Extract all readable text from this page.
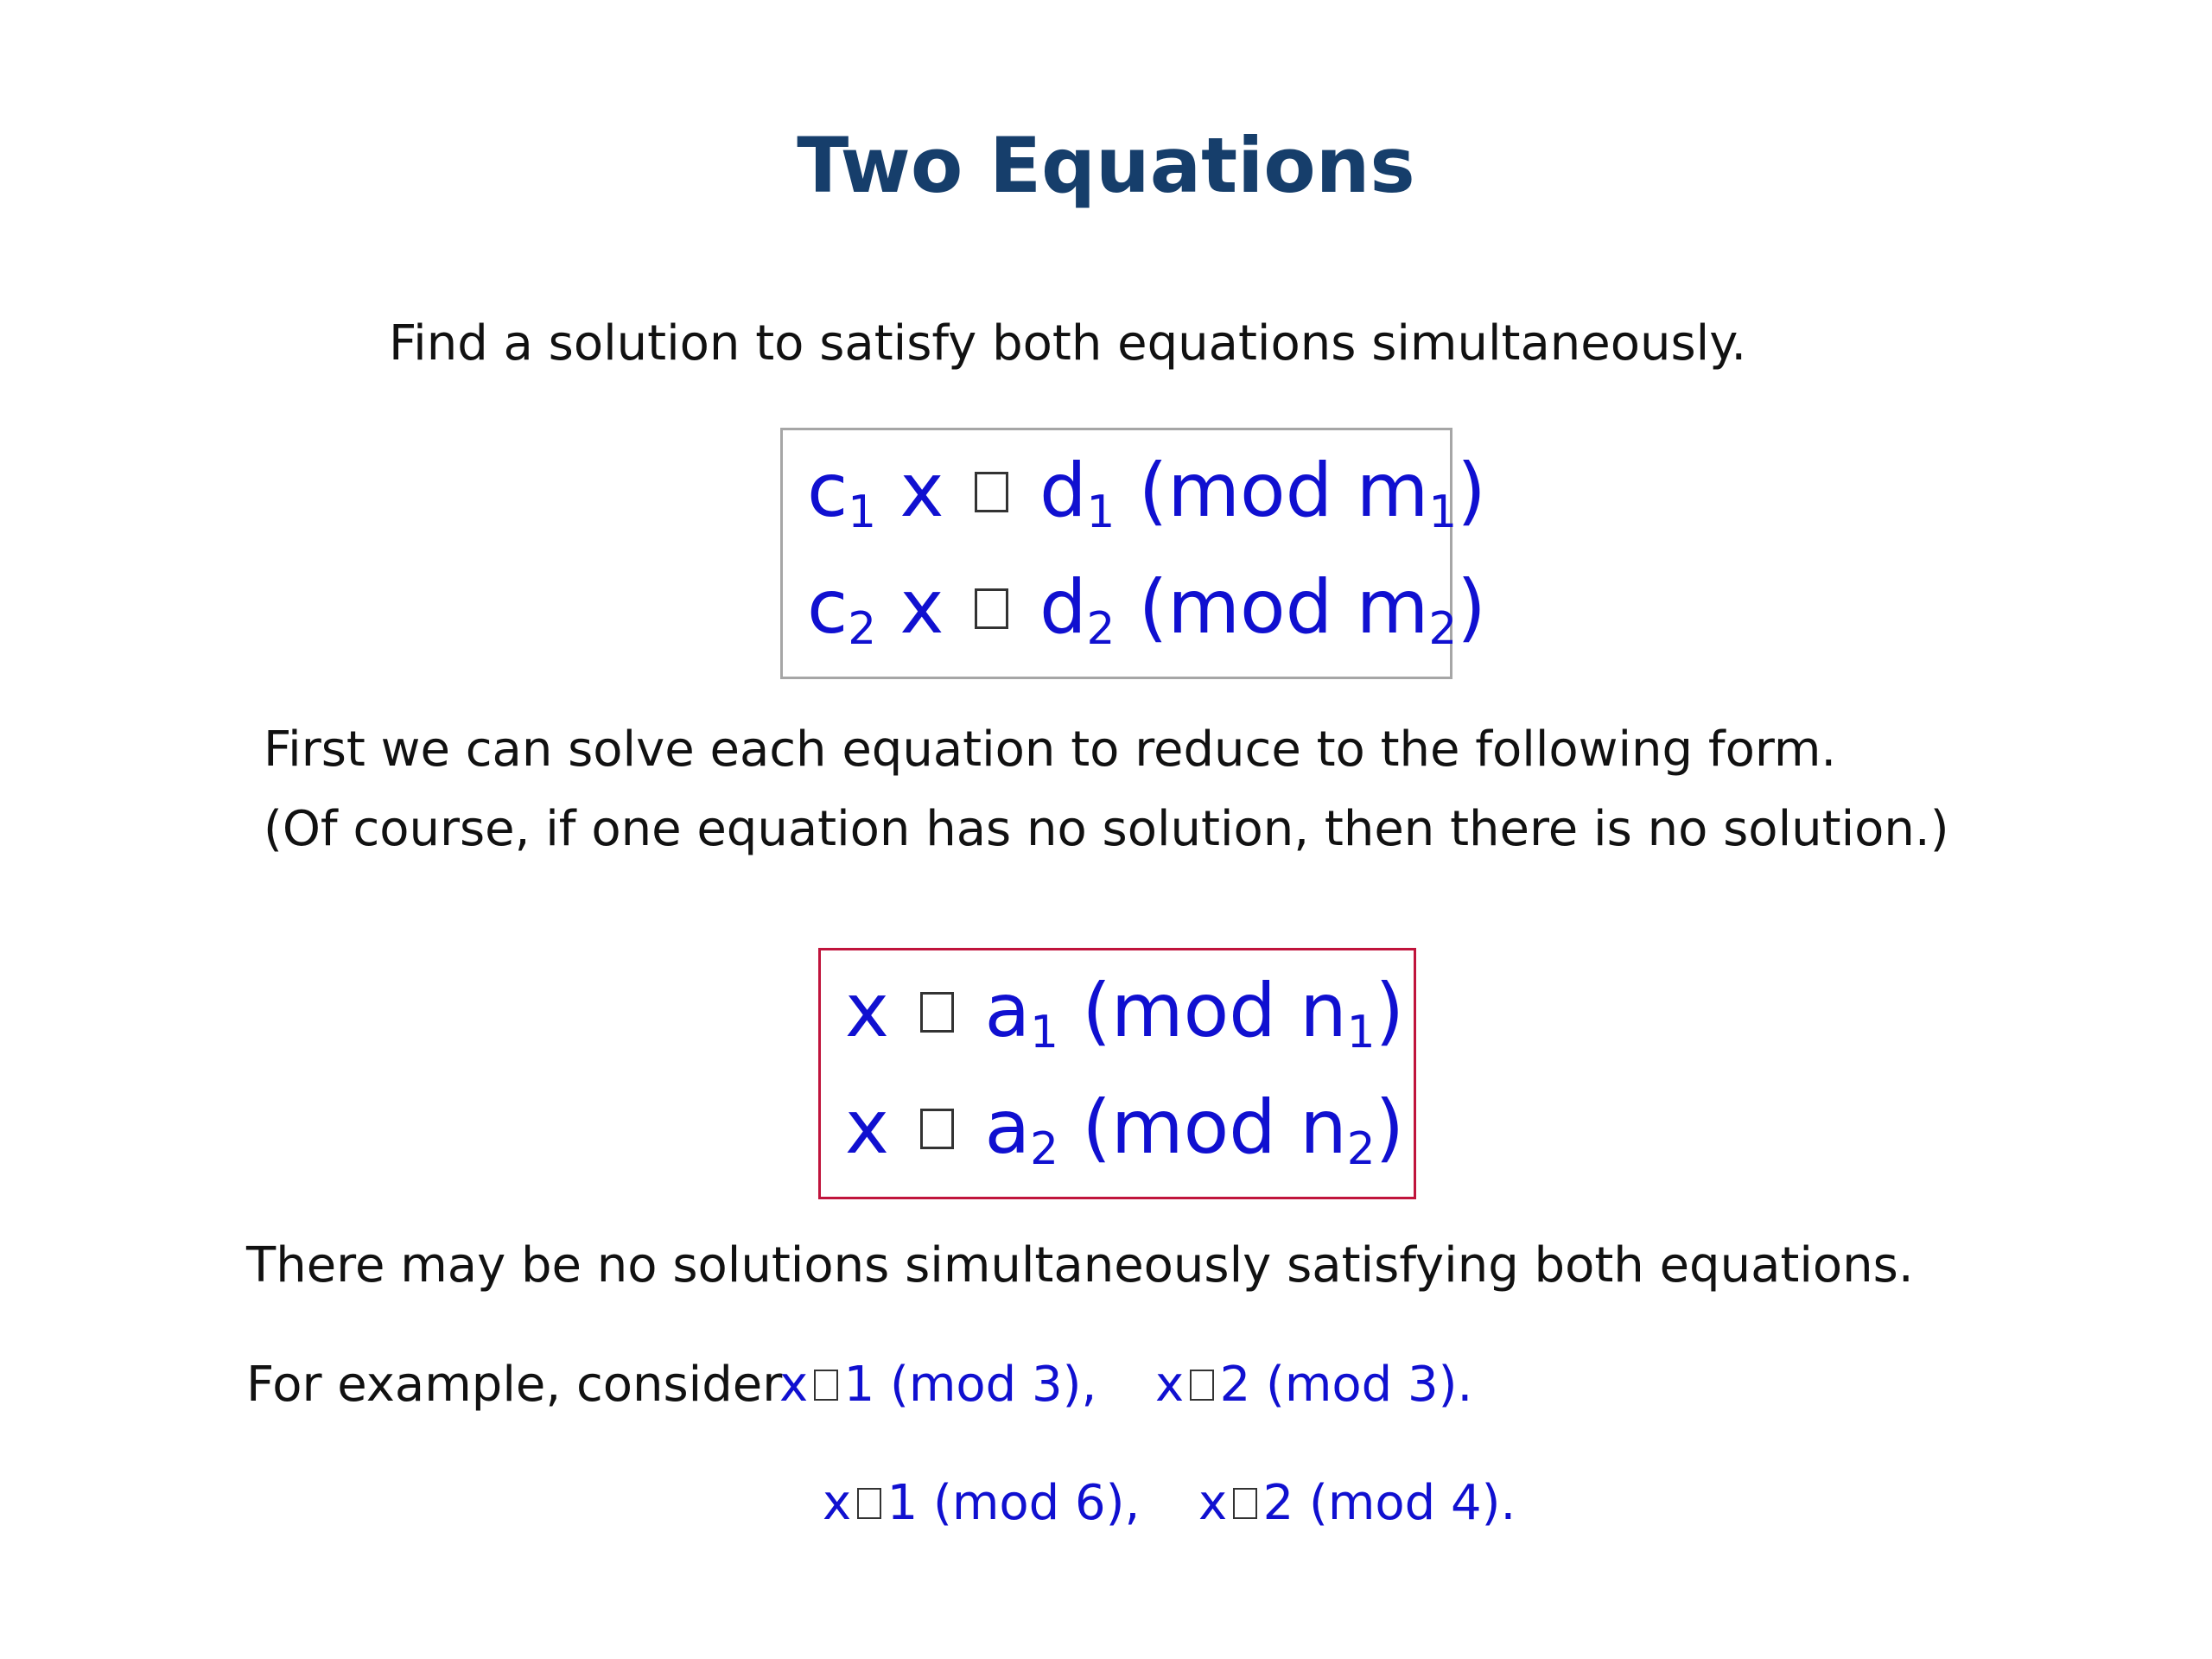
Two Equations
Find a solution to satisfy both equations simultaneously.
$c_1$ x $d_1$ (mod $m_1$)
$c_2$ x $d_2$ (mod $m_2$)
First we can solve each equation to reduce to the following form.
(Of course, if one equation has no solution, then there is no solution.)
x $a_1$ (mod $n_1$)
x $a_2$ (mod $n_2$)
There may be no solutions simultaneously satisfying both equations.
For example, consider
x 1 (mod 3), x 2 (mod 3).
x 1 (mod 6), x 2 (mod 4).
